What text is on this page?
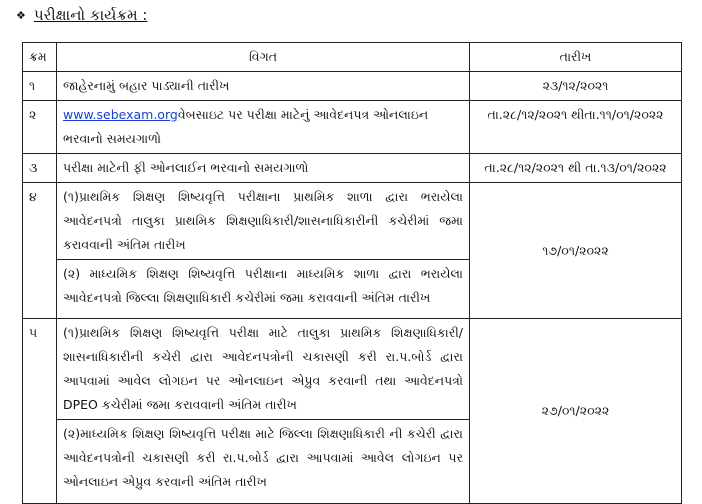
❖ પરીક્ષાનો કાર્યક્રમ :
ક્રમ	વિગત	તારીખ
૧	જાહેરનામું બહાર પાડ્યાની તારીખ	૨૩/૧૨/૨૦૨૧
૨	www.sebexam.orgવેબસાઇટ પર પરીક્ષા માટેનું આવેદનપત્ર ઓનલાઇન ભરવાનો સમયગાળો	તા.૨૮/૧૨/૨૦૨૧ થીતા.૧૧/૦૧/૨૦૨૨
૩	પરીક્ષા માટેની ફી ઓનલાઈન ભરવાનો સમયગાળો	તા.૨૮/૧૨/૨૦૨૧ થી તા.૧૩/૦૧/૨૦૨૨
૪	(૧)પ્રાથમિક શિક્ષણ શિષ્યવૃત્તિ પરીક્ષાના પ્રાથમિક શાળા દ્વારા ભરાયેલા આવેદનપત્રો તાલુકા પ્રાથમિક શિક્ષણાધિકારી/શાસનાધિકારીની કચેરીમાં જમા કરાવવાની અંતિમ તારીખ	૧૭/૦૧/૨૦૨૨
	(૨) માધ્યમિક શિક્ષણ શિષ્યવૃત્તિ પરીક્ષાના માધ્યમિક શાળા દ્વારા ભરાયેલા આવેદનપત્રો જિલ્લા શિક્ષણાધિકારી કચેરીમાં જમા કરાવવાની અંતિમ તારીખ	
૫	(૧)પ્રાથમિક શિક્ષણ શિષ્યવૃત્તિ પરીક્ષા માટે તાલુકા પ્રાથમિક શિક્ષણાધિકારી/ શાસનાધિકારીની કચેરી દ્વારા આવેદનપત્રોની ચકાસણી કરી રા.પ.બોર્ડ દ્વારા આપવામાં આવેલ લોગઇન પર ઓનલાઇન એપ્રુવ કરવાની તથા આવેદનપત્રો DPEO કચેરીમાં જમા કરાવવાની અંતિમ તારીખ	૨૭/૦૧/૨૦૨૨
	(૨)માધ્યમિક શિક્ષણ શિષ્યવૃત્તિ પરીક્ષા માટે જિલ્લા શિક્ષણાધિકારી ની કચેરી દ્વારા આવેદનપત્રોની ચકાસણી કરી રા.પ.બોર્ડ દ્વારા આપવામાં આવેલ લોગઇન પર ઓનલાઇન એપ્રુવ કરવાની અંતિમ તારીખ	
